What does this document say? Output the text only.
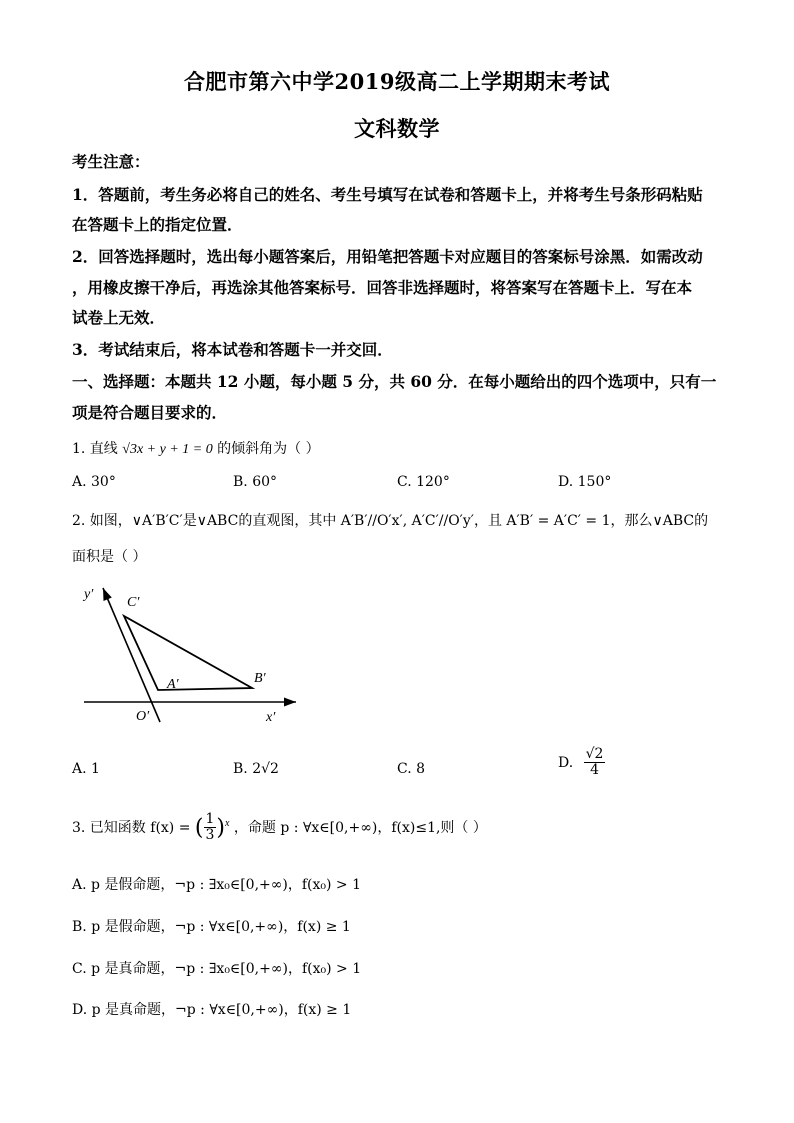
合肥市第六中学2019级高二上学期期末考试
文科数学
考生注意：
1．答题前，考生务必将自己的姓名、考生号填写在试卷和答题卡上，并将考生号条形码粘贴
在答题卡上的指定位置．
2．回答选择题时，选出每小题答案后，用铅笔把答题卡对应题目的答案标号涂黑．如需改动
，用橡皮擦干净后，再选涂其他答案标号．回答非选择题时，将答案写在答题卡上．写在本
试卷上无效．
3．考试结束后，将本试卷和答题卡一并交回．
一、选择题：本题共 12 小题，每小题 5 分，共 60 分．在每小题给出的四个选项中，只有一
项是符合题目要求的．
1. 直线 √3x + y + 1 = 0 的倾斜角为（ ）
A. 30°	B. 60°	C. 120°	D. 150°
2. 如图，∨A′B′C′是∨ABC的直观图，其中 A′B′//O′x′, A′C′//O′y′，且 A′B′ = A′C′ = 1，那么∨ABC的
面积是（ ）
y′
C′
A′	B′
O′	x′
A. 1	B. 2√2	C. 8	D. $\frac{√2}{4}$
3. 已知函数 f(x) = ( $\frac{1}{3} )^x$ ，命题 p : ∀x∈[0,+∞)，f(x)≤1,则（ ）
A. p 是假命题，¬p : ∃x₀∈[0,+∞)，f(x₀) > 1
B. p 是假命题，¬p : ∀x∈[0,+∞)，f(x) ≥ 1
C. p 是真命题，¬p : ∃x₀∈[0,+∞)，f(x₀) > 1
D. p 是真命题，¬p : ∀x∈[0,+∞)，f(x) ≥ 1
